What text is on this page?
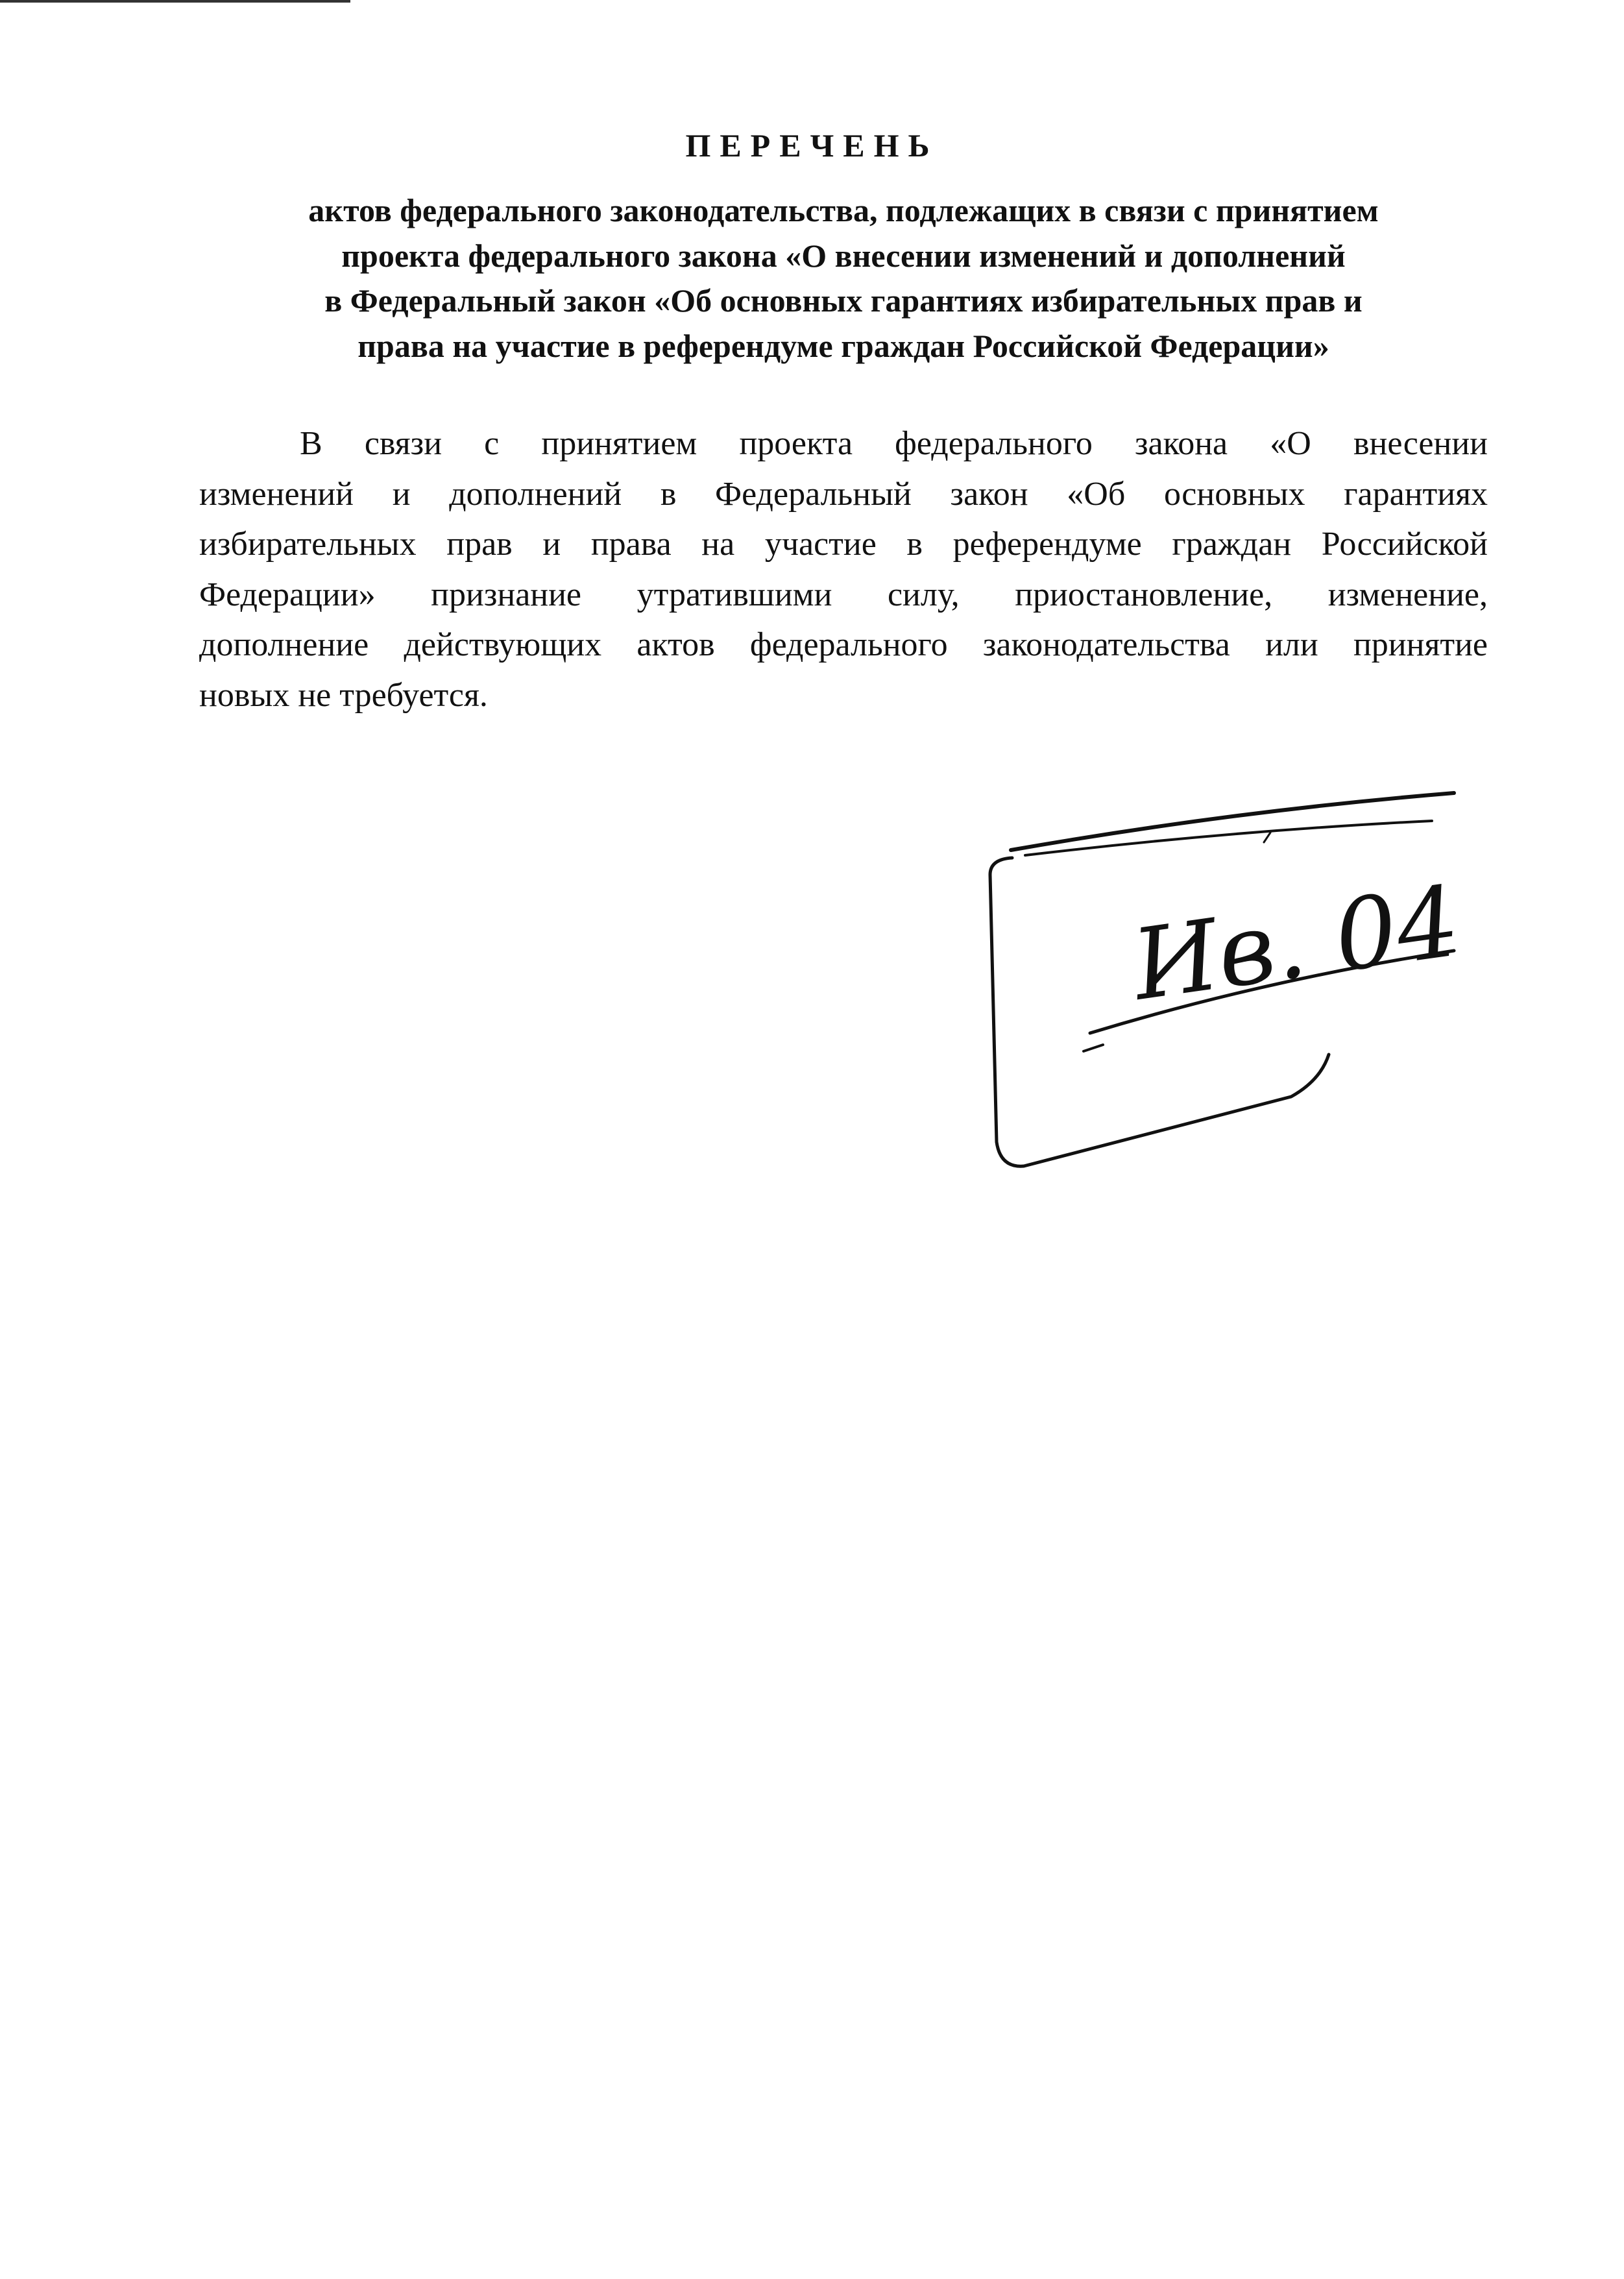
ПЕРЕЧЕНЬ
актов федерального законодательства, подлежащих в связи с принятием
проекта федерального закона «О внесении изменений и дополнений
в Федеральный закон «Об основных гарантиях избирательных прав и
права на участие в референдуме граждан Российской Федерации»
В связи с принятием проекта федерального закона «О внесении
изменений и дополнений в Федеральный закон «Об основных гарантиях
избирательных прав и права на участие в референдуме граждан Российской
Федерации» признание утратившими силу, приостановление, изменение,
дополнение действующих актов федерального законодательства или принятие
новых не требуется.
Ив. 04
